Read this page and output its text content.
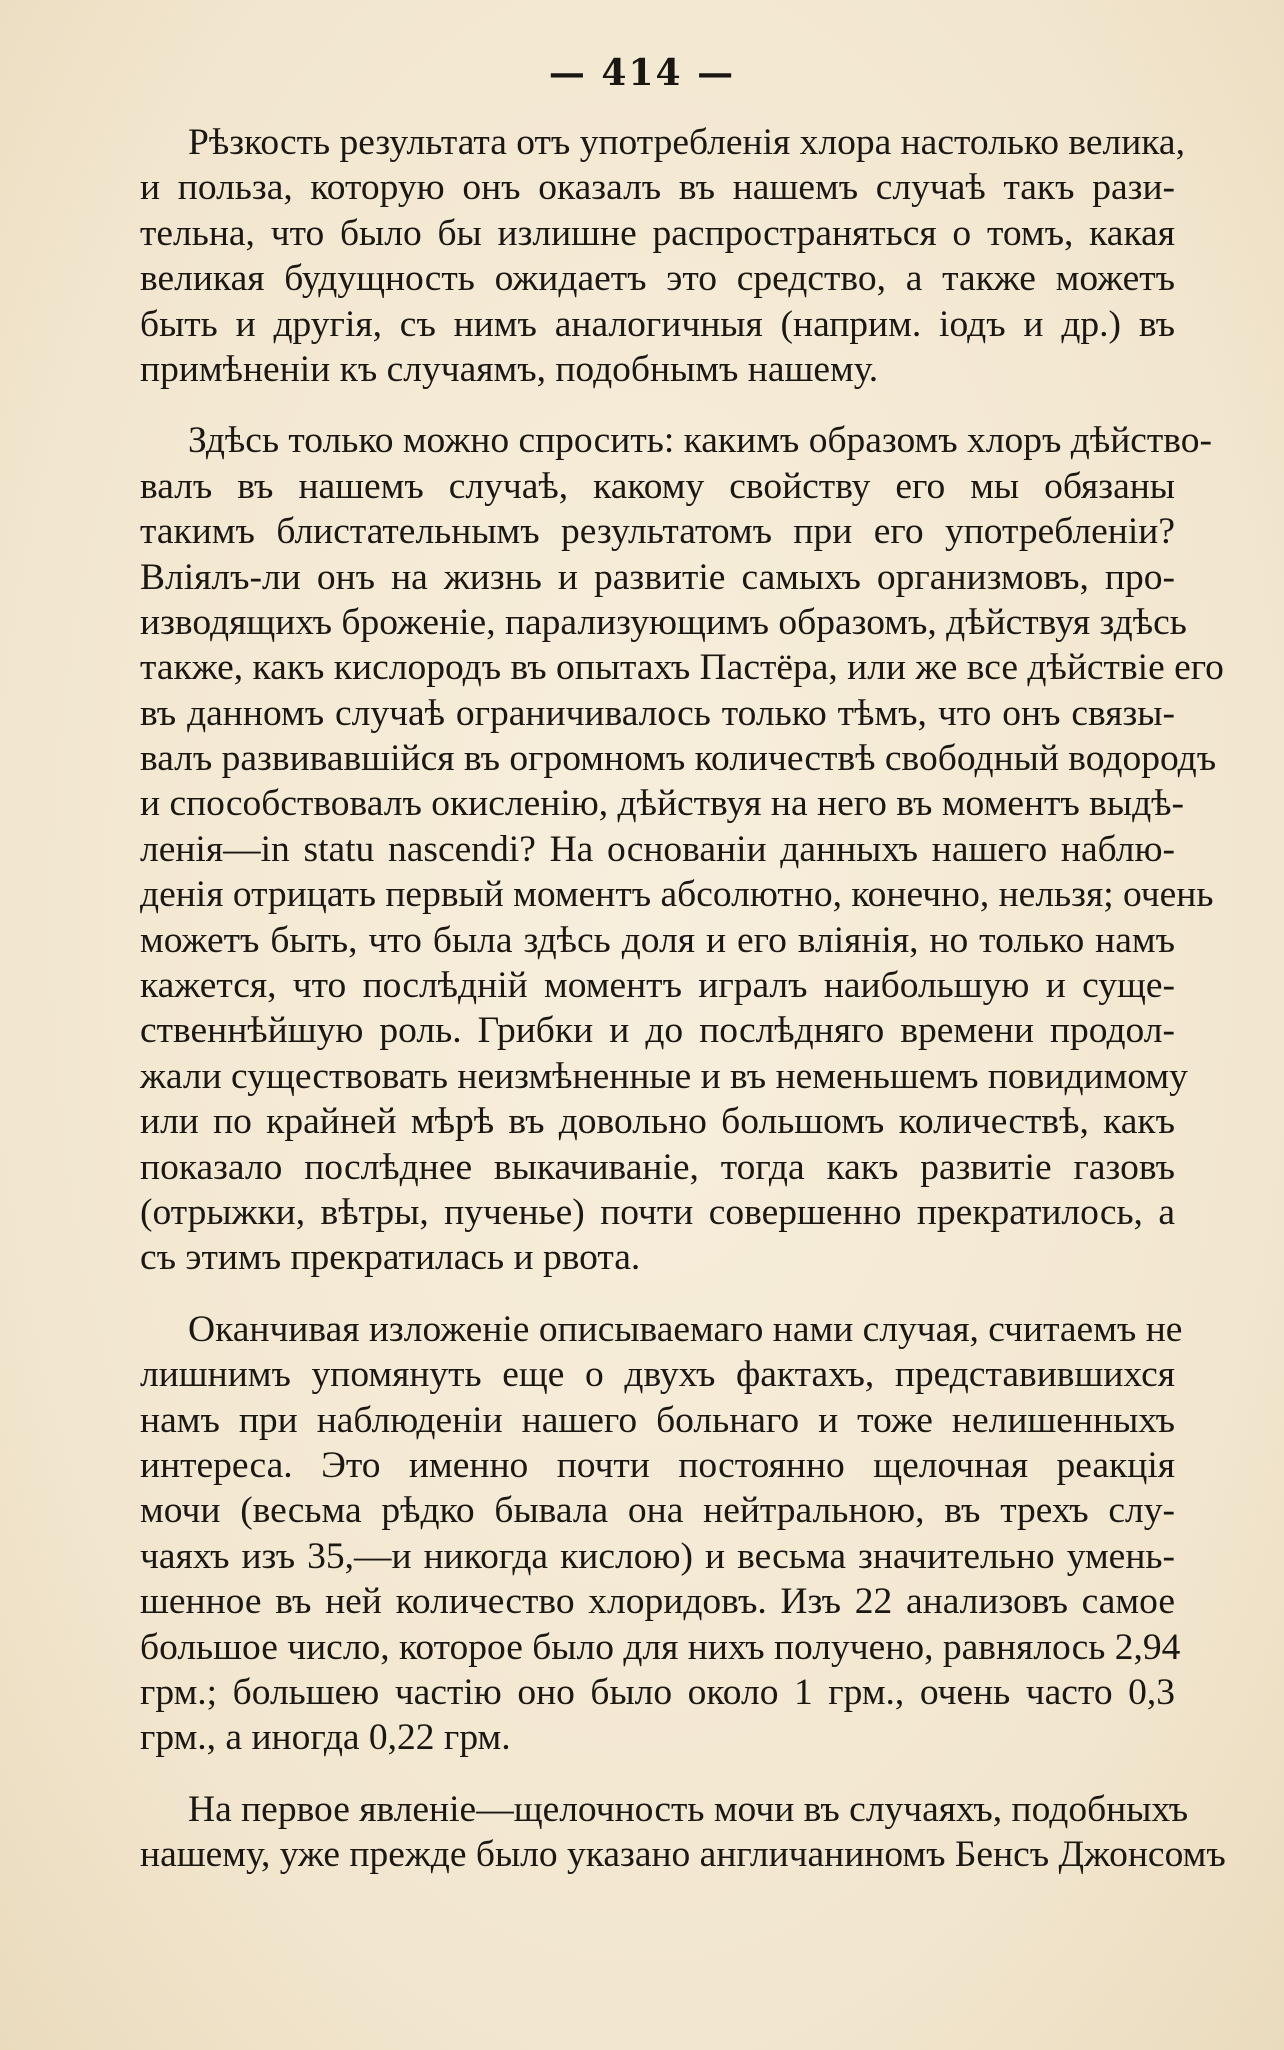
— 414 —
Рѣзкость результата отъ употребленія хлора настолько велика,
и польза, которую онъ оказалъ въ нашемъ случаѣ такъ рази-
тельна, что было бы излишне распространяться о томъ, какая
великая будущность ожидаетъ это средство, а также можетъ
быть и другія, съ нимъ аналогичныя (наприм. іодъ и др.) въ
примѣненіи къ случаямъ, подобнымъ нашему.
Здѣсь только можно спросить: какимъ образомъ хлоръ дѣйство-
валъ въ нашемъ случаѣ, какому свойству его мы обязаны
такимъ блистательнымъ результатомъ при его употребленіи?
Вліялъ-ли онъ на жизнь и развитіе самыхъ организмовъ, про-
изводящихъ броженіе, парализующимъ образомъ, дѣйствуя здѣсь
также, какъ кислородъ въ опытахъ Пастёра, или же все дѣйствіе его
въ данномъ случаѣ ограничивалось только тѣмъ, что онъ связы-
валъ развивавшійся въ огромномъ количествѣ свободный водородъ
и способствовалъ окисленію, дѣйствуя на него въ моментъ выдѣ-
ленія—in statu nascendi? На основаніи данныхъ нашего наблю-
денія отрицать первый моментъ абсолютно, конечно, нельзя; очень
можетъ быть, что была здѣсь доля и его вліянія, но только намъ
кажется, что послѣдній моментъ игралъ наибольшую и суще-
ственнѣйшую роль. Грибки и до послѣдняго времени продол-
жали существовать неизмѣненные и въ неменьшемъ повидимому
или по крайней мѣрѣ въ довольно большомъ количествѣ, какъ
показало послѣднее выкачиваніе, тогда какъ развитіе газовъ
(отрыжки, вѣтры, пученье) почти совершенно прекратилось, а
съ этимъ прекратилась и рвота.
Оканчивая изложеніе описываемаго нами случая, считаемъ не
лишнимъ упомянуть еще о двухъ фактахъ, представившихся
намъ при наблюденіи нашего больнаго и тоже нелишенныхъ
интереса. Это именно почти постоянно щелочная реакція
мочи (весьма рѣдко бывала она нейтральною, въ трехъ слу-
чаяхъ изъ 35,—и никогда кислою) и весьма значительно умень-
шенное въ ней количество хлоридовъ. Изъ 22 анализовъ самое
большое число, которое было для нихъ получено, равнялось 2,94
грм.; большею частію оно было около 1 грм., очень часто 0,3
грм., а иногда 0,22 грм.
На первое явленіе—щелочность мочи въ случаяхъ, подобныхъ
нашему, уже прежде было указано англичаниномъ Бенсъ Джонсомъ
